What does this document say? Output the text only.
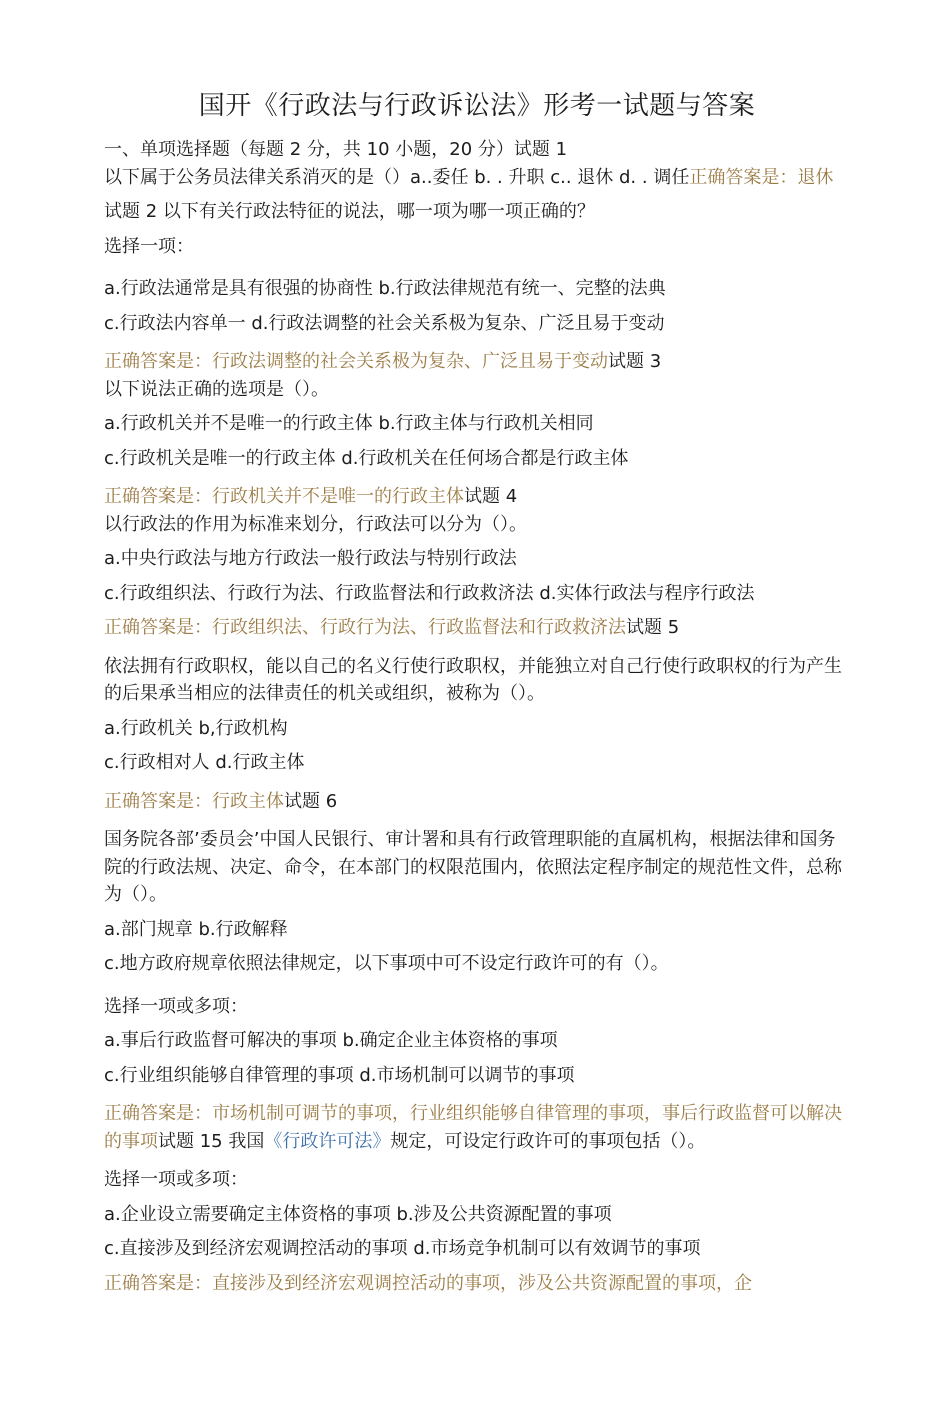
国开《行政法与行政诉讼法》形考一试题与答案

一、单项选择题（每题 2 分，共 10 小题，20 分）试题 1

以下属于公务员法律关系消灭的是（）a..委任 b. . 升职 c.. 退休 d. . 调任正确答案是：退休

试题 2 以下有关行政法特征的说法，哪一项为哪一项正确的？

选择一项：

a.行政法通常是具有很强的协商性 b.行政法律规范有统一、完整的法典

c.行政法内容单一 d.行政法调整的社会关系极为复杂、广泛且易于变动

正确答案是：行政法调整的社会关系极为复杂、广泛且易于变动试题 3

以下说法正确的选项是（）。

a.行政机关并不是唯一的行政主体 b.行政主体与行政机关相同

c.行政机关是唯一的行政主体 d.行政机关在任何场合都是行政主体

正确答案是：行政机关并不是唯一的行政主体试题 4

以行政法的作用为标准来划分，行政法可以分为（）。

a.中央行政法与地方行政法一般行政法与特别行政法

c.行政组织法、行政行为法、行政监督法和行政救济法 d.实体行政法与程序行政法

正确答案是：行政组织法、行政行为法、行政监督法和行政救济法试题 5

依法拥有行政职权，能以自己的名义行使行政职权，并能独立对自己行使行政职权的行为产生的后果承当相应的法律责任的机关或组织，被称为（）。

a.行政机关 b,行政机构

c.行政相对人 d.行政主体

正确答案是：行政主体试题 6

国务院各部’委员会’中国人民银行、审计署和具有行政管理职能的直属机构，根据法律和国务院的行政法规、决定、命令，在本部门的权限范围内，依照法定程序制定的规范性文件，总称为（）。

a.部门规章 b.行政解释

c.地方政府规章依照法律规定，以下事项中可不设定行政许可的有（）。

选择一项或多项：

a.事后行政监督可解决的事项 b.确定企业主体资格的事项

c.行业组织能够自律管理的事项 d.市场机制可以调节的事项

正确答案是：市场机制可调节的事项，行业组织能够自律管理的事项，事后行政监督可以解决的事项试题 15 我国《行政许可法》规定，可设定行政许可的事项包括（）。

选择一项或多项：

a.企业设立需要确定主体资格的事项 b.涉及公共资源配置的事项

c.直接涉及到经济宏观调控活动的事项 d.市场竞争机制可以有效调节的事项

正确答案是：直接涉及到经济宏观调控活动的事项，涉及公共资源配置的事项，企
